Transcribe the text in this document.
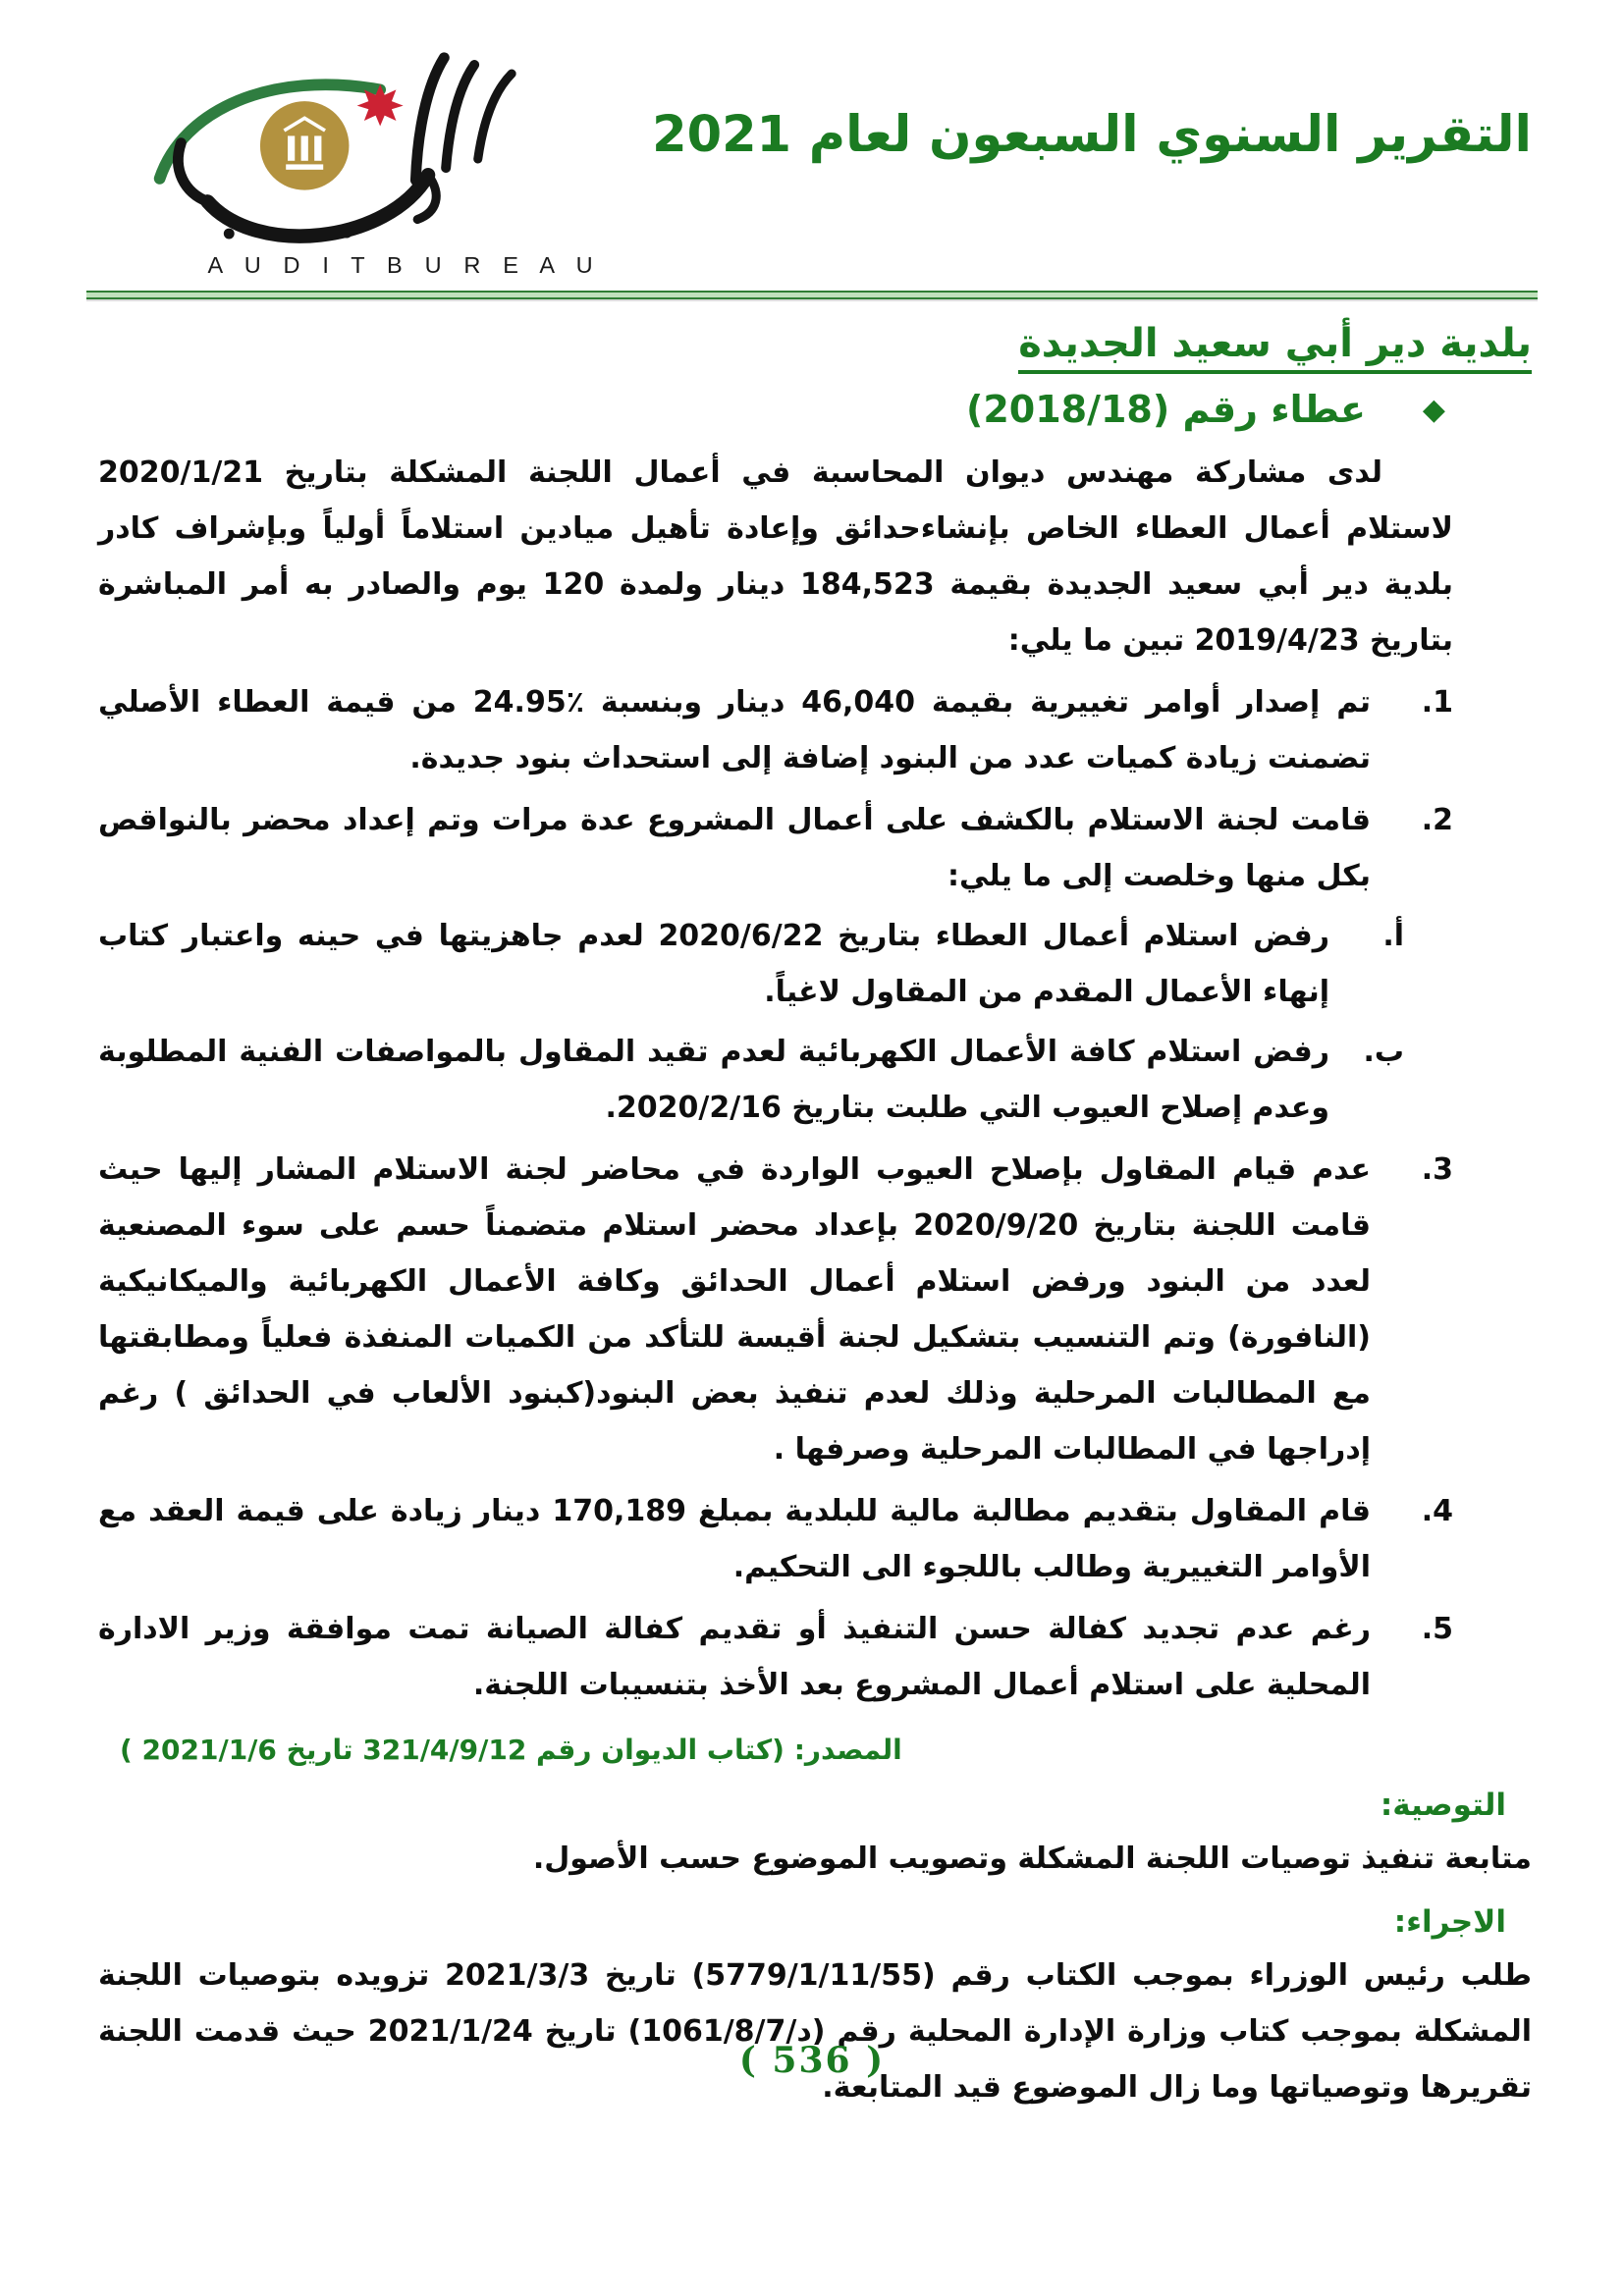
A U D I T B U R E A U
التقرير السنوي السبعون لعام 2021
بلدية دير أبي سعيد الجديدة
◆
عطاء رقم (2018/18)
لدى مشاركة مهندس ديوان المحاسبة في أعمال اللجنة المشكلة بتاريخ 2020/1/21 لاستلام أعمال العطاء الخاص بإنشاءحدائق وإعادة تأهيل ميادين استلاماً أولياً وبإشراف كادر بلدية دير أبي سعيد الجديدة بقيمة 184,523 دينار ولمدة 120 يوم والصادر به أمر المباشرة بتاريخ 2019/4/23 تبين ما يلي:
1.
تم إصدار أوامر تغييرية بقيمة 46,040 دينار وبنسبة ٪24.95 من قيمة العطاء الأصلي تضمنت زيادة كميات عدد من البنود إضافة إلى استحداث بنود جديدة.
2.
قامت لجنة الاستلام بالكشف على أعمال المشروع عدة مرات وتم إعداد محضر بالنواقص بكل منها وخلصت إلى ما يلي:
أ.
رفض استلام أعمال العطاء بتاريخ 2020/6/22 لعدم جاهزيتها في حينه واعتبار كتاب إنهاء الأعمال المقدم من المقاول لاغياً.
ب.
رفض استلام كافة الأعمال الكهربائية لعدم تقيد المقاول بالمواصفات الفنية المطلوبة وعدم إصلاح العيوب التي طلبت بتاريخ 2020/2/16.
3.
عدم قيام المقاول بإصلاح العيوب الواردة في محاضر لجنة الاستلام المشار إليها حيث قامت اللجنة بتاريخ 2020/9/20 بإعداد محضر استلام متضمناً حسم على سوء المصنعية لعدد من البنود ورفض استلام أعمال الحدائق وكافة الأعمال الكهربائية والميكانيكية (النافورة) وتم التنسيب بتشكيل لجنة أقيسة للتأكد من الكميات المنفذة فعلياً ومطابقتها مع المطالبات المرحلية وذلك لعدم تنفيذ بعض البنود(كبنود الألعاب في الحدائق ) رغم إدراجها في المطالبات المرحلية وصرفها .
4.
قام المقاول بتقديم مطالبة مالية للبلدية بمبلغ 170,189 دينار زيادة على قيمة العقد مع الأوامر التغييرية وطالب باللجوء الى التحكيم.
5.
رغم عدم تجديد كفالة حسن التنفيذ أو تقديم كفالة الصيانة تمت موافقة وزير الادارة المحلية على استلام أعمال المشروع بعد الأخذ بتنسيبات اللجنة.
المصدر: (كتاب الديوان رقم 321/4/9/12 تاريخ 2021/1/6 )
التوصية:
متابعة تنفيذ توصيات اللجنة المشكلة وتصويب الموضوع حسب الأصول.
الاجراء:
طلب رئيس الوزراء بموجب الكتاب رقم (5779/1/11/55) تاريخ 2021/3/3 تزويده بتوصيات اللجنة المشكلة بموجب كتاب وزارة الإدارة المحلية رقم (⁦د/1061/8/7⁩) تاريخ 2021/1/24 حيث قدمت اللجنة تقريرها وتوصياتها وما زال الموضوع قيد المتابعة.
( 536 )
